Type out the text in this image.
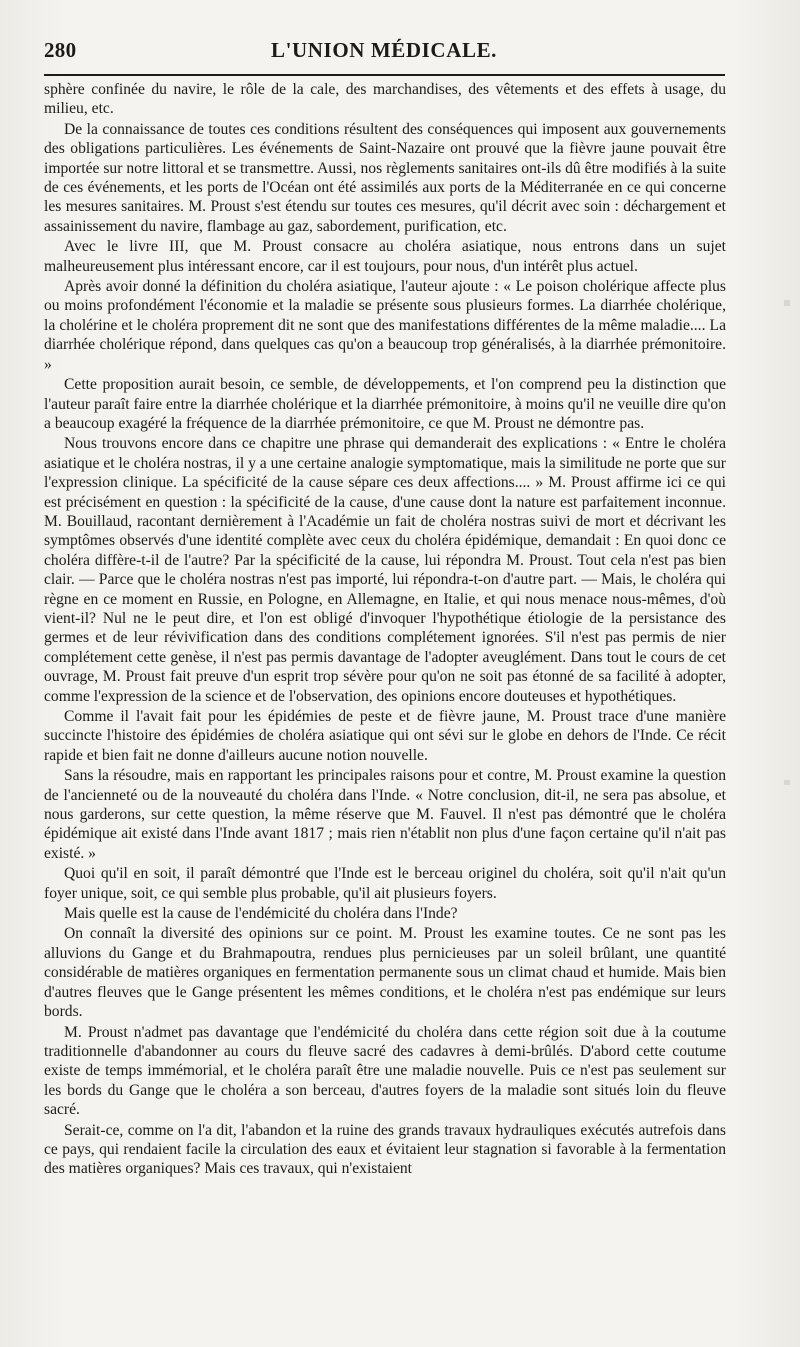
280	L'UNION MÉDICALE.

sphère confinée du navire, le rôle de la cale, des marchandises, des vêtements et des effets à usage, du milieu, etc.

De la connaissance de toutes ces conditions résultent des conséquences qui imposent aux gouvernements des obligations particulières. Les événements de Saint-Nazaire ont prouvé que la fièvre jaune pouvait être importée sur notre littoral et se transmettre. Aussi, nos règlements sanitaires ont-ils dû être modifiés à la suite de ces événements, et les ports de l'Océan ont été assimilés aux ports de la Méditerranée en ce qui concerne les mesures sanitaires. M. Proust s'est étendu sur toutes ces mesures, qu'il décrit avec soin : déchargement et assainissement du navire, flambage au gaz, sabordement, purification, etc.

Avec le livre III, que M. Proust consacre au choléra asiatique, nous entrons dans un sujet malheureusement plus intéressant encore, car il est toujours, pour nous, d'un intérêt plus actuel.

Après avoir donné la définition du choléra asiatique, l'auteur ajoute : « Le poison cholérique affecte plus ou moins profondément l'économie et la maladie se présente sous plusieurs formes. La diarrhée cholérique, la cholérine et le choléra proprement dit ne sont que des manifestations différentes de la même maladie.... La diarrhée cholérique répond, dans quelques cas qu'on a beaucoup trop généralisés, à la diarrhée prémonitoire. »

Cette proposition aurait besoin, ce semble, de développements, et l'on comprend peu la distinction que l'auteur paraît faire entre la diarrhée cholérique et la diarrhée prémonitoire, à moins qu'il ne veuille dire qu'on a beaucoup exagéré la fréquence de la diarrhée prémonitoire, ce que M. Proust ne démontre pas.

Nous trouvons encore dans ce chapitre une phrase qui demanderait des explications : « Entre le choléra asiatique et le choléra nostras, il y a une certaine analogie symptomatique, mais la similitude ne porte que sur l'expression clinique. La spécificité de la cause sépare ces deux affections.... » M. Proust affirme ici ce qui est précisément en question : la spécificité de la cause, d'une cause dont la nature est parfaitement inconnue. M. Bouillaud, racontant dernièrement à l'Académie un fait de choléra nostras suivi de mort et décrivant les symptômes observés d'une identité complète avec ceux du choléra épidémique, demandait : En quoi donc ce choléra diffère-t-il de l'autre? Par la spécificité de la cause, lui répondra M. Proust. Tout cela n'est pas bien clair. — Parce que le choléra nostras n'est pas importé, lui répondra-t-on d'autre part. — Mais, le choléra qui règne en ce moment en Russie, en Pologne, en Allemagne, en Italie, et qui nous menace nous-mêmes, d'où vient-il? Nul ne le peut dire, et l'on est obligé d'invoquer l'hypothétique étiologie de la persistance des germes et de leur révivification dans des conditions complétement ignorées. S'il n'est pas permis de nier complétement cette genèse, il n'est pas permis davantage de l'adopter aveuglément. Dans tout le cours de cet ouvrage, M. Proust fait preuve d'un esprit trop sévère pour qu'on ne soit pas étonné de sa facilité à adopter, comme l'expression de la science et de l'observation, des opinions encore douteuses et hypothétiques.

Comme il l'avait fait pour les épidémies de peste et de fièvre jaune, M. Proust trace d'une manière succincte l'histoire des épidémies de choléra asiatique qui ont sévi sur le globe en dehors de l'Inde. Ce récit rapide et bien fait ne donne d'ailleurs aucune notion nouvelle.

Sans la résoudre, mais en rapportant les principales raisons pour et contre, M. Proust examine la question de l'ancienneté ou de la nouveauté du choléra dans l'Inde. « Notre conclusion, dit-il, ne sera pas absolue, et nous garderons, sur cette question, la même réserve que M. Fauvel. Il n'est pas démontré que le choléra épidémique ait existé dans l'Inde avant 1817 ; mais rien n'établit non plus d'une façon certaine qu'il n'ait pas existé. »

Quoi qu'il en soit, il paraît démontré que l'Inde est le berceau originel du choléra, soit qu'il n'ait qu'un foyer unique, soit, ce qui semble plus probable, qu'il ait plusieurs foyers.

Mais quelle est la cause de l'endémicité du choléra dans l'Inde?

On connaît la diversité des opinions sur ce point. M. Proust les examine toutes. Ce ne sont pas les alluvions du Gange et du Brahmapoutra, rendues plus pernicieuses par un soleil brûlant, une quantité considérable de matières organiques en fermentation permanente sous un climat chaud et humide. Mais bien d'autres fleuves que le Gange présentent les mêmes conditions, et le choléra n'est pas endémique sur leurs bords.

M. Proust n'admet pas davantage que l'endémicité du choléra dans cette région soit due à la coutume traditionnelle d'abandonner au cours du fleuve sacré des cadavres à demi-brûlés. D'abord cette coutume existe de temps immémorial, et le choléra paraît être une maladie nouvelle. Puis ce n'est pas seulement sur les bords du Gange que le choléra a son berceau, d'autres foyers de la maladie sont situés loin du fleuve sacré.

Serait-ce, comme on l'a dit, l'abandon et la ruine des grands travaux hydrauliques exécutés autrefois dans ce pays, qui rendaient facile la circulation des eaux et évitaient leur stagnation si favorable à la fermentation des matières organiques? Mais ces travaux, qui n'existaient
